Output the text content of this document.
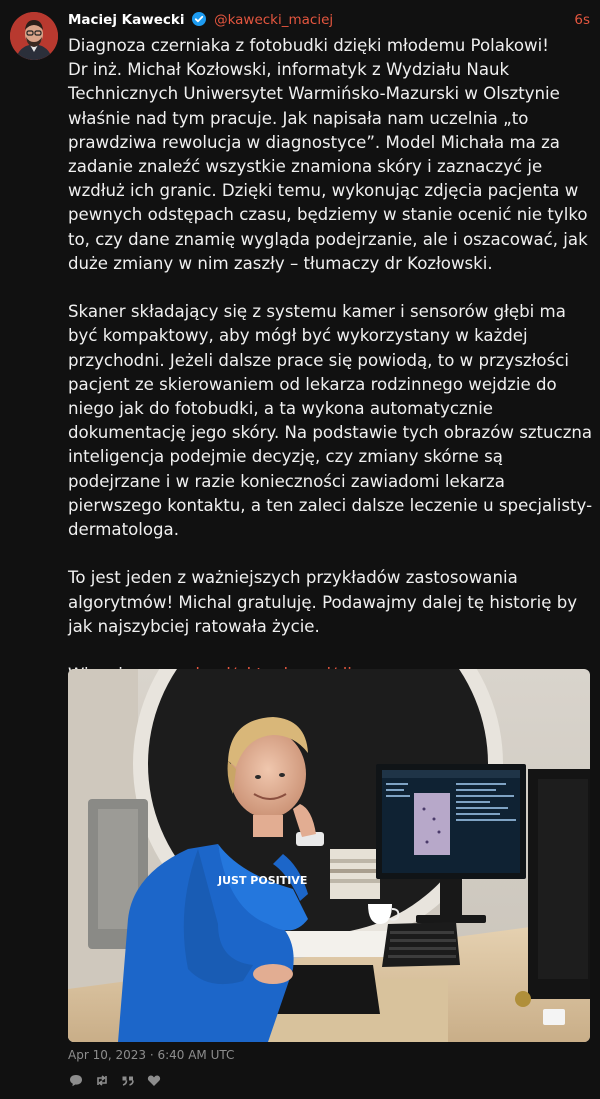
Maciej Kawecki @kawecki_maciej	6s

Diagnoza czerniaka z fotobudki dzięki młodemu Polakowi!
Dr inż. Michał Kozłowski, informatyk z Wydziału Nauk Technicznych Uniwersytet Warmińsko-Mazurski w Olsztynie właśnie nad tym pracuje. Jak napisała nam uczelnia „to prawdziwa rewolucja w diagnostyce”. Model Michała ma za zadanie znaleźć wszystkie znamiona skóry i zaznaczyć je wzdłuż ich granic. Dzięki temu, wykonując zdjęcia pacjenta w pewnych odstępach czasu, będziemy w stanie ocenić nie tylko to, czy dane znamię wygląda podejrzanie, ale i oszacować, jak duże zmiany w nim zaszły – tłumaczy dr Kozłowski.

Skaner składający się z systemu kamer i sensorów głębi ma być kompaktowy, aby mógł być wykorzystany w każdej przychodni. Jeżeli dalsze prace się powiodą, to w przyszłości pacjent ze skierowaniem od lekarza rodzinnego wejdzie do niego jak do fotobudki, a ta wykona automatycznie dokumentację jego skóry. Na podstawie tych obrazów sztuczna inteligencja podejmie decyzję, czy zmiany skórne są podejrzane i w razie konieczności zawiadomi lekarza pierwszego kontaktu, a ten zaleci dalsze leczenie u specjalisty-dermatologa.

To jest jeden z ważniejszych przykładów zastosowania algorytmów! Michal gratuluję. Podawajmy dalej tę historię by jak najszybciej ratowała życie.

JUST POSITIVE
Apr 10, 2023 · 6:40 AM UTC
